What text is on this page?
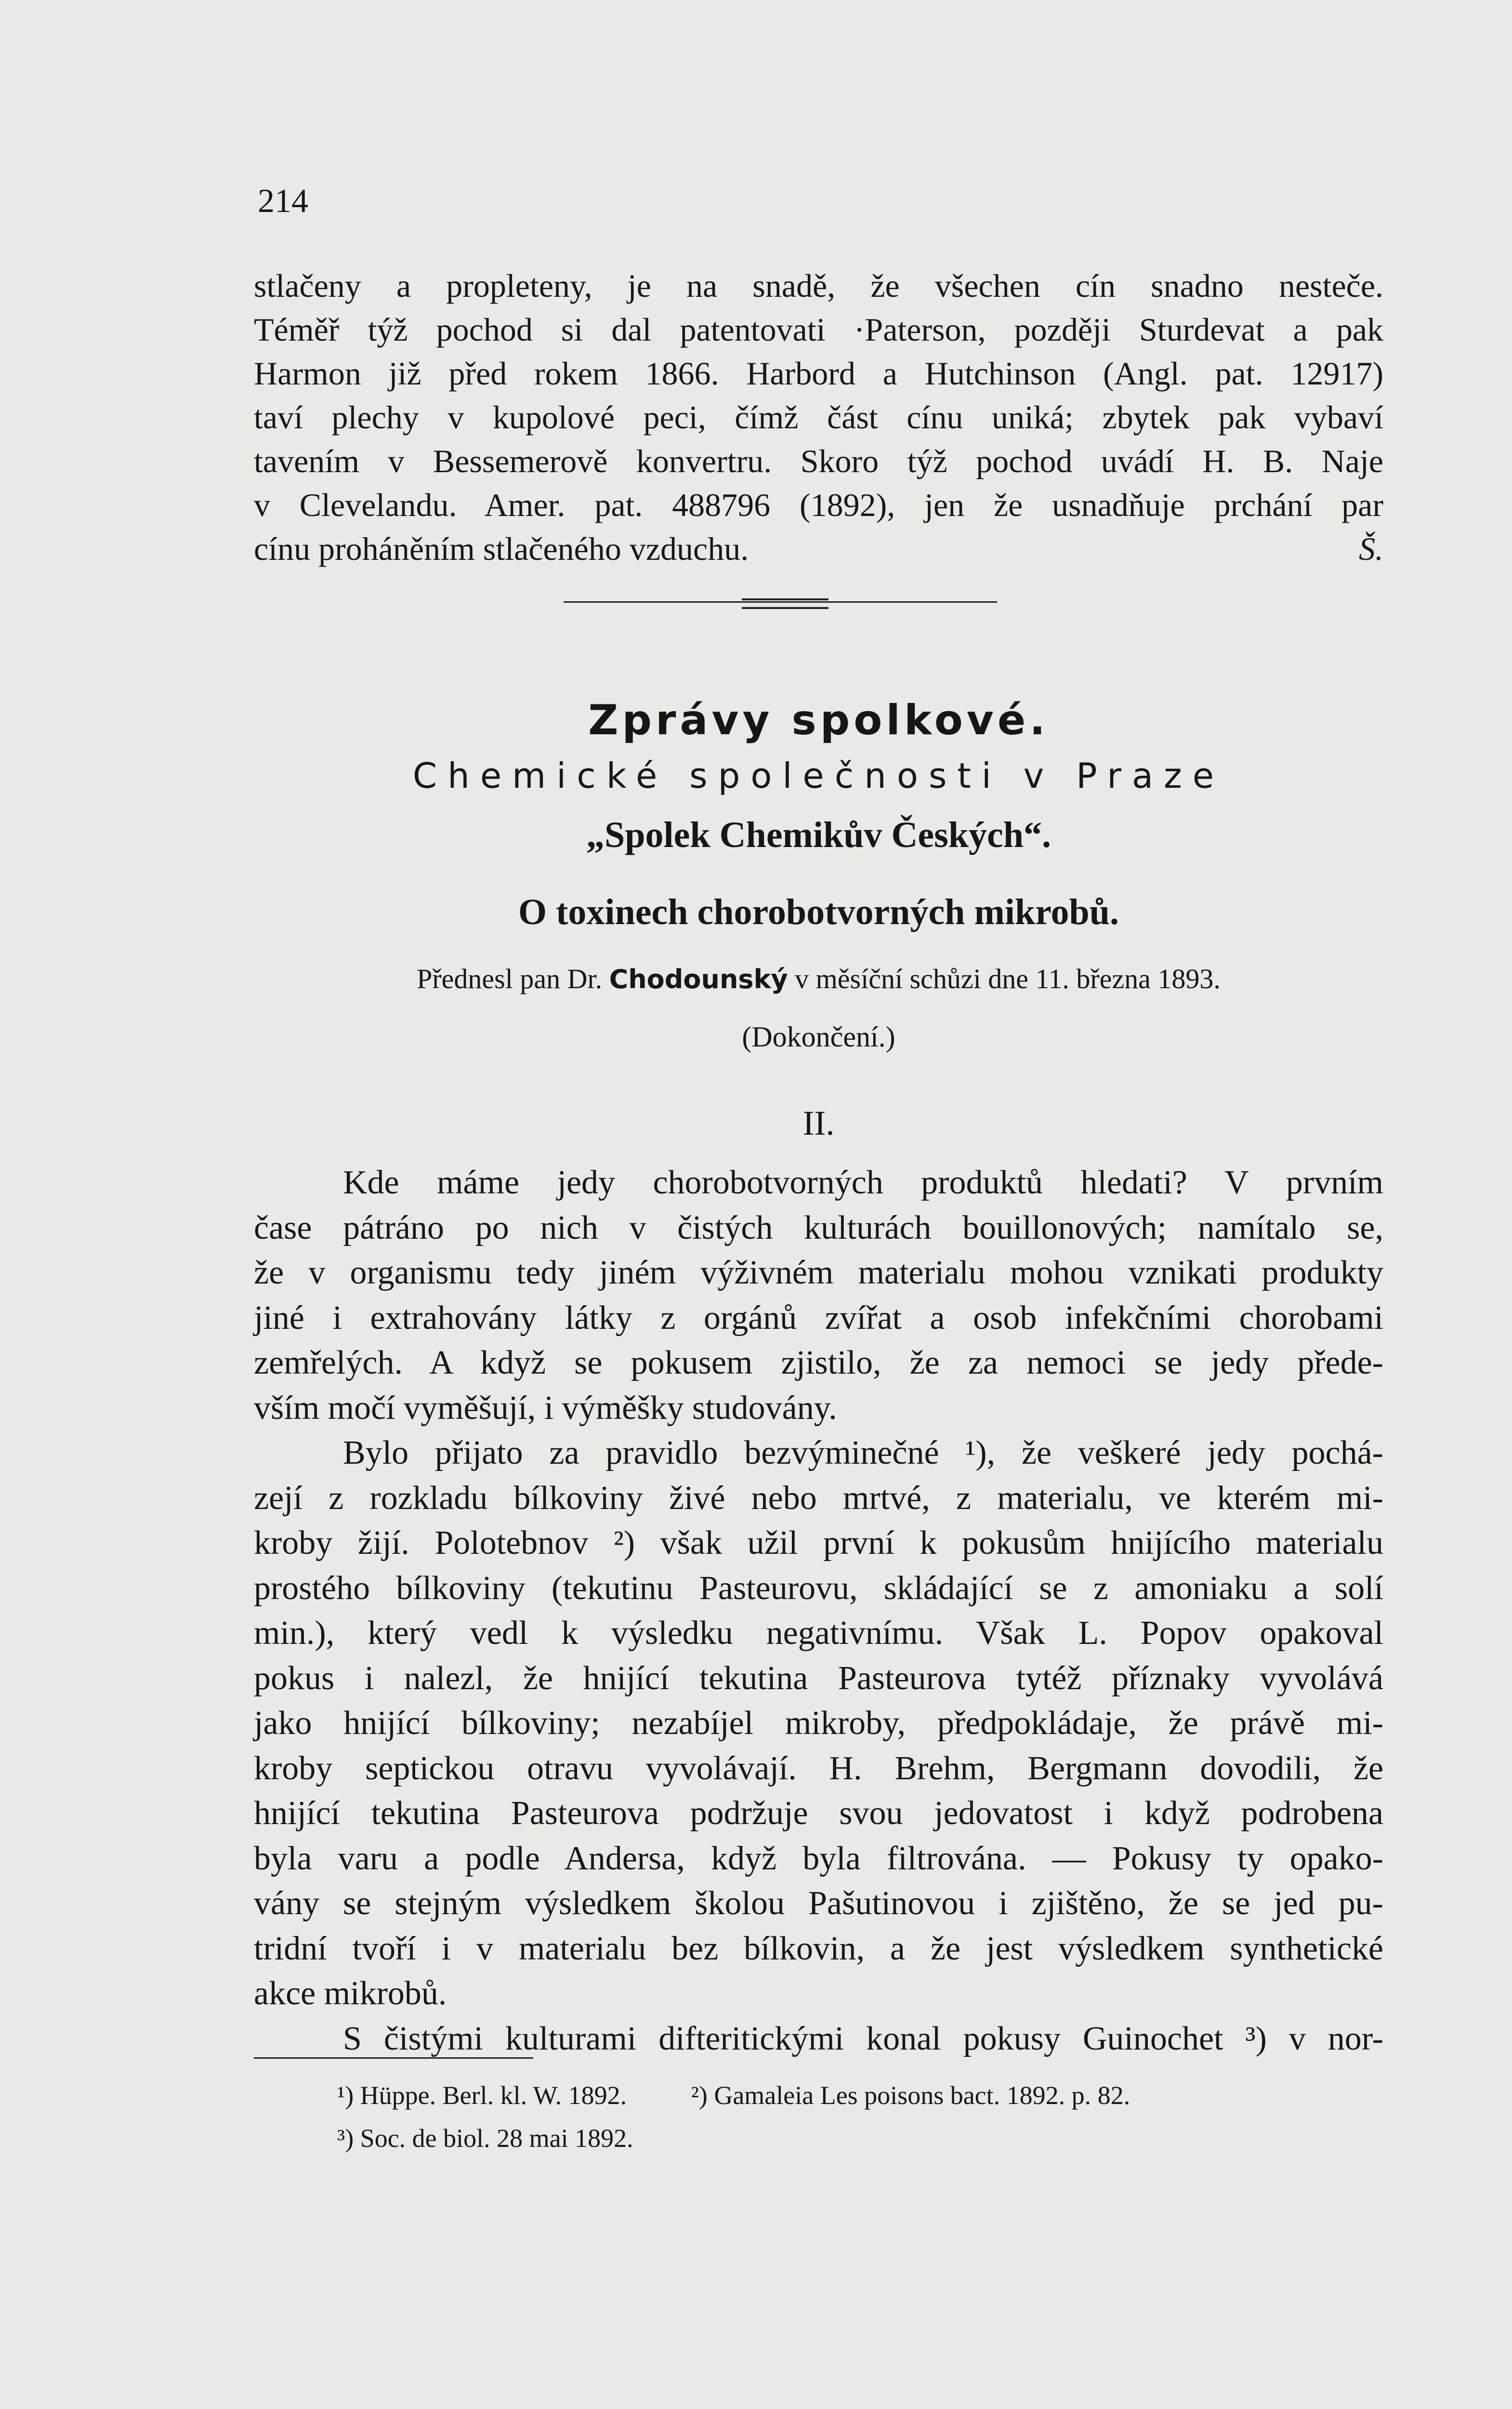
214
stlačeny a propleteny, je na snadě, že všechen cín snadno nesteče.
Téměř týž pochod si dal patentovati ·Paterson, později Sturdevat a pak
Harmon již před rokem 1866. Harbord a Hutchinson (Angl. pat. 12917)
taví plechy v kupolové peci, čímž část cínu uniká; zbytek pak vybaví
tavením v Bessemerově konvertru. Skoro týž pochod uvádí H. B. Naje
v Clevelandu. Amer. pat. 488796 (1892), jen že usnadňuje prchání par
cínu proháněním stlačeného vzduchu.	Š.
Zprávy spolkové.
Chemické společnosti v Praze
„Spolek Chemikův Českých“.
O toxinech chorobotvorných mikrobů.
Přednesl pan Dr. Chodounský v měsíční schůzi dne 11. března 1893.
(Dokončení.)
II.
Kde máme jedy chorobotvorných produktů hledati? V prvním
čase pátráno po nich v čistých kulturách bouillonových; namítalo se,
že v organismu tedy jiném výživném materialu mohou vznikati produkty
jiné i extrahovány látky z orgánů zvířat a osob infekčními chorobami
zemřelých. A když se pokusem zjistilo, že za nemoci se jedy přede-
vším močí vyměšují, i výměšky studovány.
Bylo přijato za pravidlo bezvýminečné ¹), že veškeré jedy pochá-
zejí z rozkladu bílkoviny živé nebo mrtvé, z materialu, ve kterém mi-
kroby žijí. Polotebnov ²) však užil první k pokusům hnijícího materialu
prostého bílkoviny (tekutinu Pasteurovu, skládající se z amoniaku a solí
min.), který vedl k výsledku negativnímu. Však L. Popov opakoval
pokus i nalezl, že hnijící tekutina Pasteurova tytéž příznaky vyvolává
jako hnijící bílkoviny; nezabíjel mikroby, předpokládaje, že právě mi-
kroby septickou otravu vyvolávají. H. Brehm, Bergmann dovodili, že
hnijící tekutina Pasteurova podržuje svou jedovatost i když podrobena
byla varu a podle Andersa, když byla filtrována. — Pokusy ty opako-
vány se stejným výsledkem školou Pašutinovou i zjištěno, že se jed pu-
tridní tvoří i v materialu bez bílkovin, a že jest výsledkem synthetické
akce mikrobů.
S čistými kulturami difteritickými konal pokusy Guinochet ³) v nor-
¹) Hüppe. Berl. kl. W. 1892. ²) Gamaleia Les poisons bact. 1892. p. 82.
³) Soc. de biol. 28 mai 1892.
